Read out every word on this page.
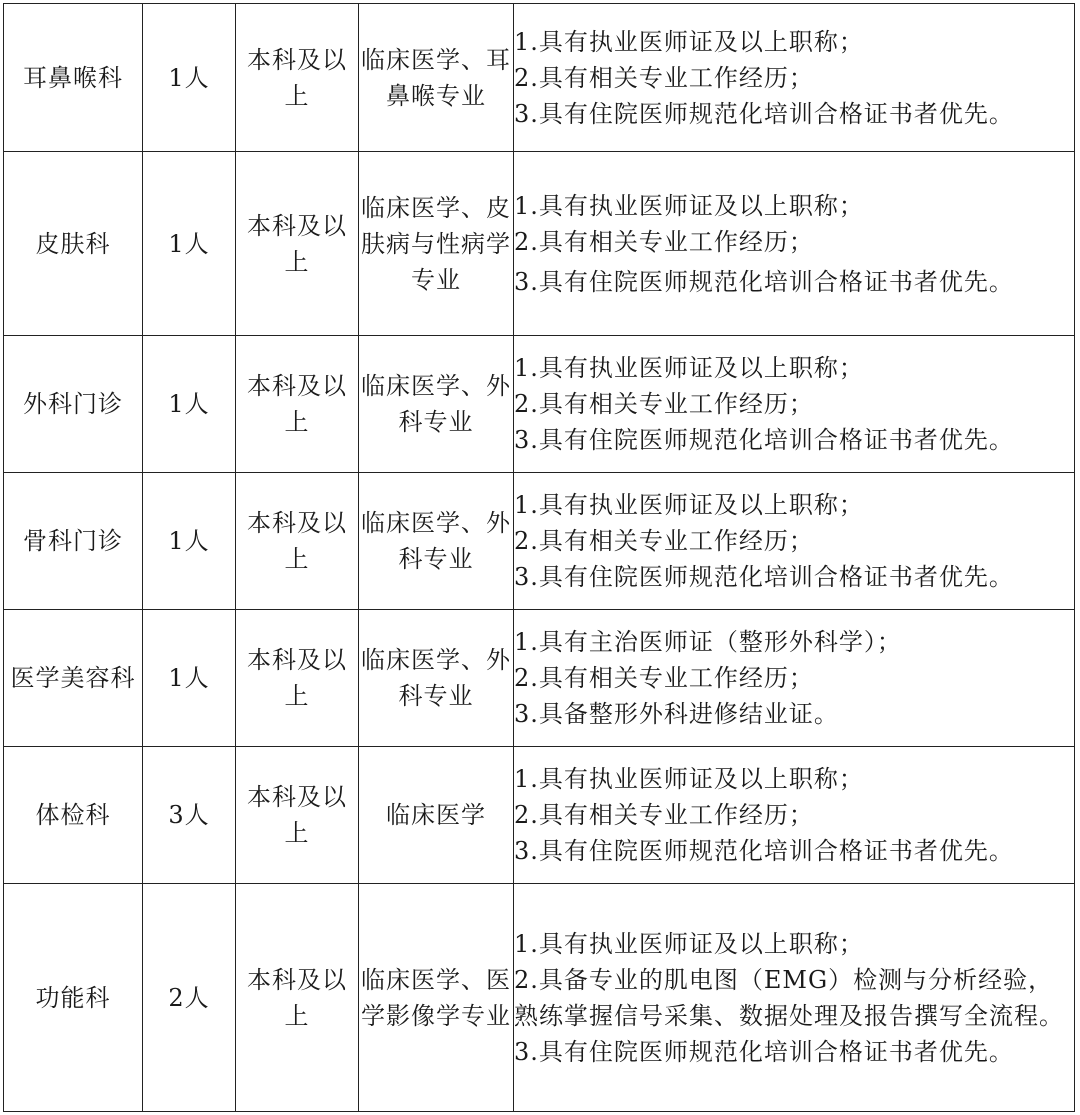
耳鼻喉科	1人	本科及以上	临床医学、耳鼻喉专业	1.具有执业医师证及以上职称；
2.具有相关专业工作经历；
3.具有住院医师规范化培训合格证书者优先。

皮肤科	1人	本科及以上	临床医学、皮肤病与性病学专业	1.具有执业医师证及以上职称；
2.具有相关专业工作经历；
3.具有住院医师规范化培训合格证书者优先。

外科门诊	1人	本科及以上	临床医学、外科专业	1.具有执业医师证及以上职称；
2.具有相关专业工作经历；
3.具有住院医师规范化培训合格证书者优先。

骨科门诊	1人	本科及以上	临床医学、外科专业	1.具有执业医师证及以上职称；
2.具有相关专业工作经历；
3.具有住院医师规范化培训合格证书者优先。

医学美容科	1人	本科及以上	临床医学、外科专业	1.具有主治医师证（整形外科学）；
2.具有相关专业工作经历；
3.具备整形外科进修结业证。

体检科	3人	本科及以上	临床医学	1.具有执业医师证及以上职称；
2.具有相关专业工作经历；
3.具有住院医师规范化培训合格证书者优先。

功能科	2人	本科及以上	临床医学、医学影像学专业	1.具有执业医师证及以上职称；
2.具备专业的肌电图（EMG）检测与分析经验，熟练掌握信号采集、数据处理及报告撰写全流程。
3.具有住院医师规范化培训合格证书者优先。
